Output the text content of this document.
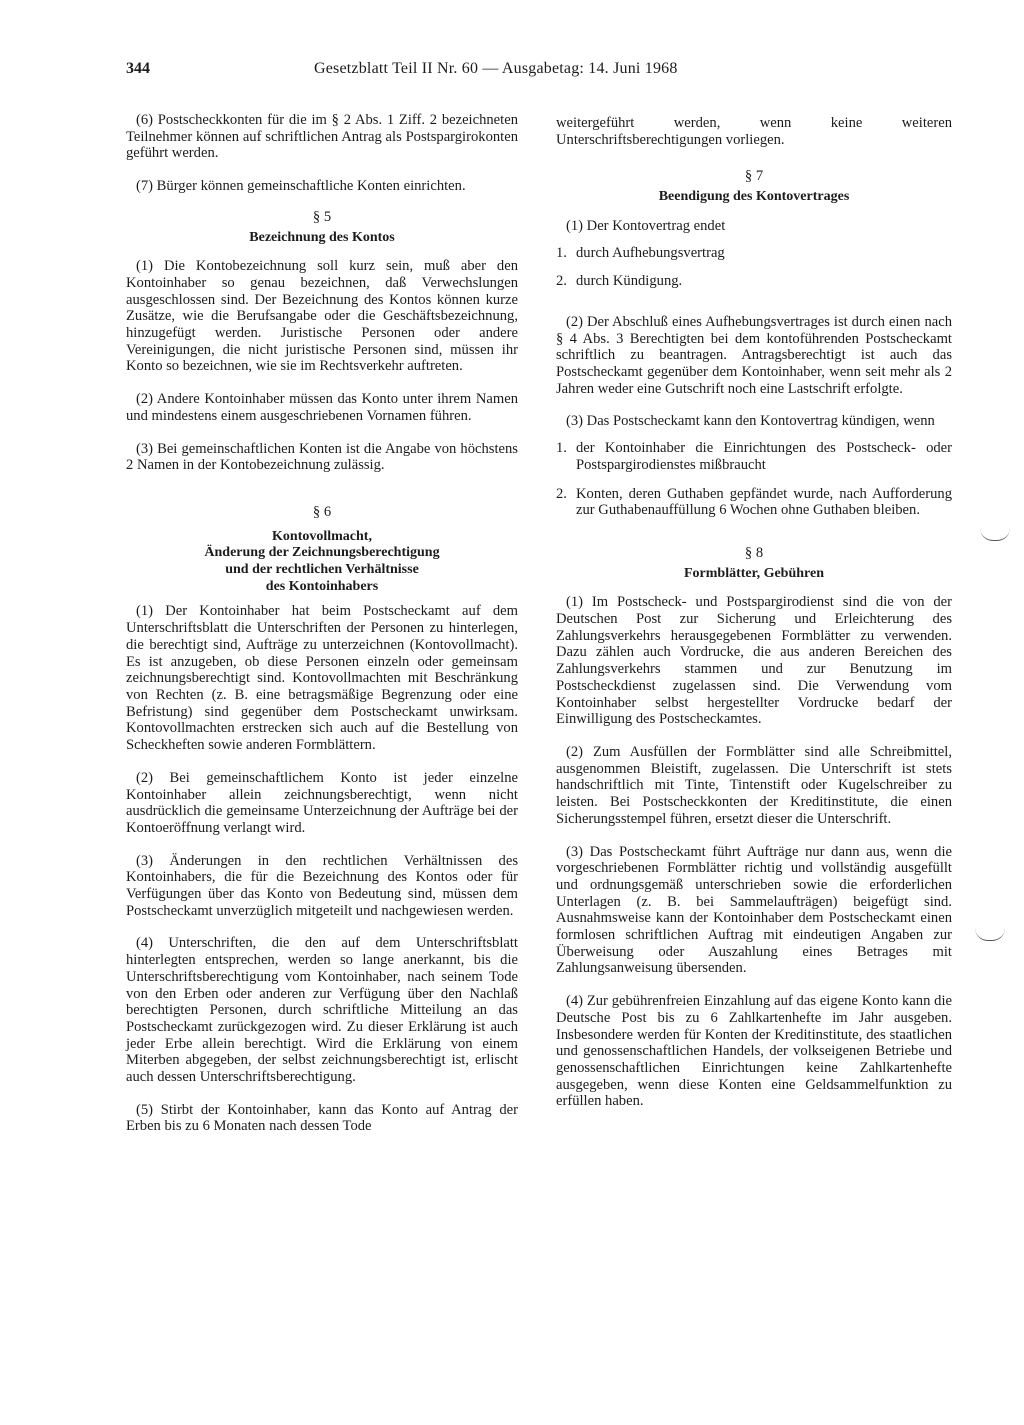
344	Gesetzblatt Teil II Nr. 60 — Ausgabetag: 14. Juni 1968

(6) Postscheckkonten für die im § 2 Abs. 1 Ziff. 2 bezeichneten Teilnehmer können auf schriftlichen Antrag als Postspargirokonten geführt werden.

(7) Bürger können gemeinschaftliche Konten einrichten.

§ 5
Bezeichnung des Kontos

(1) Die Kontobezeichnung soll kurz sein, muß aber den Kontoinhaber so genau bezeichnen, daß Verwechslungen ausgeschlossen sind. Der Bezeichnung des Kontos können kurze Zusätze, wie die Berufsangabe oder die Geschäftsbezeichnung, hinzugefügt werden. Juristische Personen oder andere Vereinigungen, die nicht juristische Personen sind, müssen ihr Konto so bezeichnen, wie sie im Rechtsverkehr auftreten.

(2) Andere Kontoinhaber müssen das Konto unter ihrem Namen und mindestens einem ausgeschriebenen Vornamen führen.

(3) Bei gemeinschaftlichen Konten ist die Angabe von höchstens 2 Namen in der Kontobezeichnung zulässig.

§ 6
Kontovollmacht,
Änderung der Zeichnungsberechtigung
und der rechtlichen Verhältnisse
des Kontoinhabers

(1) Der Kontoinhaber hat beim Postscheckamt auf dem Unterschriftsblatt die Unterschriften der Personen zu hinterlegen, die berechtigt sind, Aufträge zu unterzeichnen (Kontovollmacht). Es ist anzugeben, ob diese Personen einzeln oder gemeinsam zeichnungsberechtigt sind. Kontovollmachten mit Beschränkung von Rechten (z. B. eine betragsmäßige Begrenzung oder eine Befristung) sind gegenüber dem Postscheckamt unwirksam. Kontovollmachten erstrecken sich auch auf die Bestellung von Scheckheften sowie anderen Formblättern.

(2) Bei gemeinschaftlichem Konto ist jeder einzelne Kontoinhaber allein zeichnungsberechtigt, wenn nicht ausdrücklich die gemeinsame Unterzeichnung der Aufträge bei der Kontoeröffnung verlangt wird.

(3) Änderungen in den rechtlichen Verhältnissen des Kontoinhabers, die für die Bezeichnung des Kontos oder für Verfügungen über das Konto von Bedeutung sind, müssen dem Postscheckamt unverzüglich mitgeteilt und nachgewiesen werden.

(4) Unterschriften, die den auf dem Unterschriftsblatt hinterlegten entsprechen, werden so lange anerkannt, bis die Unterschriftsberechtigung vom Kontoinhaber, nach seinem Tode von den Erben oder anderen zur Verfügung über den Nachlaß berechtigten Personen, durch schriftliche Mitteilung an das Postscheckamt zurückgezogen wird. Zu dieser Erklärung ist auch jeder Erbe allein berechtigt. Wird die Erklärung von einem Miterben abgegeben, der selbst zeichnungsberechtigt ist, erlischt auch dessen Unterschriftsberechtigung.

(5) Stirbt der Kontoinhaber, kann das Konto auf Antrag der Erben bis zu 6 Monaten nach dessen Tode

weitergeführt werden, wenn keine weiteren Unterschriftsberechtigungen vorliegen.

§ 7
Beendigung des Kontovertrages

(1) Der Kontovertrag endet

1. durch Aufhebungsvertrag
2. durch Kündigung.

(2) Der Abschluß eines Aufhebungsvertrages ist durch einen nach § 4 Abs. 3 Berechtigten bei dem kontoführenden Postscheckamt schriftlich zu beantragen. Antragsberechtigt ist auch das Postscheckamt gegenüber dem Kontoinhaber, wenn seit mehr als 2 Jahren weder eine Gutschrift noch eine Lastschrift erfolgte.

(3) Das Postscheckamt kann den Kontovertrag kündigen, wenn

1. der Kontoinhaber die Einrichtungen des Postscheck- oder Postspargirodienstes mißbraucht
2. Konten, deren Guthaben gepfändet wurde, nach Aufforderung zur Guthabenauffüllung 6 Wochen ohne Guthaben bleiben.
§ 8
Formblätter, Gebühren

(1) Im Postscheck- und Postspargirodienst sind die von der Deutschen Post zur Sicherung und Erleichterung des Zahlungsverkehrs herausgegebenen Formblätter zu verwenden. Dazu zählen auch Vordrucke, die aus anderen Bereichen des Zahlungsverkehrs stammen und zur Benutzung im Postscheckdienst zugelassen sind. Die Verwendung vom Kontoinhaber selbst hergestellter Vordrucke bedarf der Einwilligung des Postscheckamtes.

(2) Zum Ausfüllen der Formblätter sind alle Schreibmittel, ausgenommen Bleistift, zugelassen. Die Unterschrift ist stets handschriftlich mit Tinte, Tintenstift oder Kugelschreiber zu leisten. Bei Postscheckkonten der Kreditinstitute, die einen Sicherungsstempel führen, ersetzt dieser die Unterschrift.

(3) Das Postscheckamt führt Aufträge nur dann aus, wenn die vorgeschriebenen Formblätter richtig und vollständig ausgefüllt und ordnungsgemäß unterschrieben sowie die erforderlichen Unterlagen (z. B. bei Sammelaufträgen) beigefügt sind. Ausnahmsweise kann der Kontoinhaber dem Postscheckamt einen formlosen schriftlichen Auftrag mit eindeutigen Angaben zur Überweisung oder Auszahlung eines Betrages mit Zahlungsanweisung übersenden.

(4) Zur gebührenfreien Einzahlung auf das eigene Konto kann die Deutsche Post bis zu 6 Zahlkartenhefte im Jahr ausgeben. Insbesondere werden für Konten der Kreditinstitute, des staatlichen und genossenschaftlichen Handels, der volkseigenen Betriebe und genossenschaftlichen Einrichtungen keine Zahlkartenhefte ausgegeben, wenn diese Konten eine Geldsammelfunktion zu erfüllen haben.
